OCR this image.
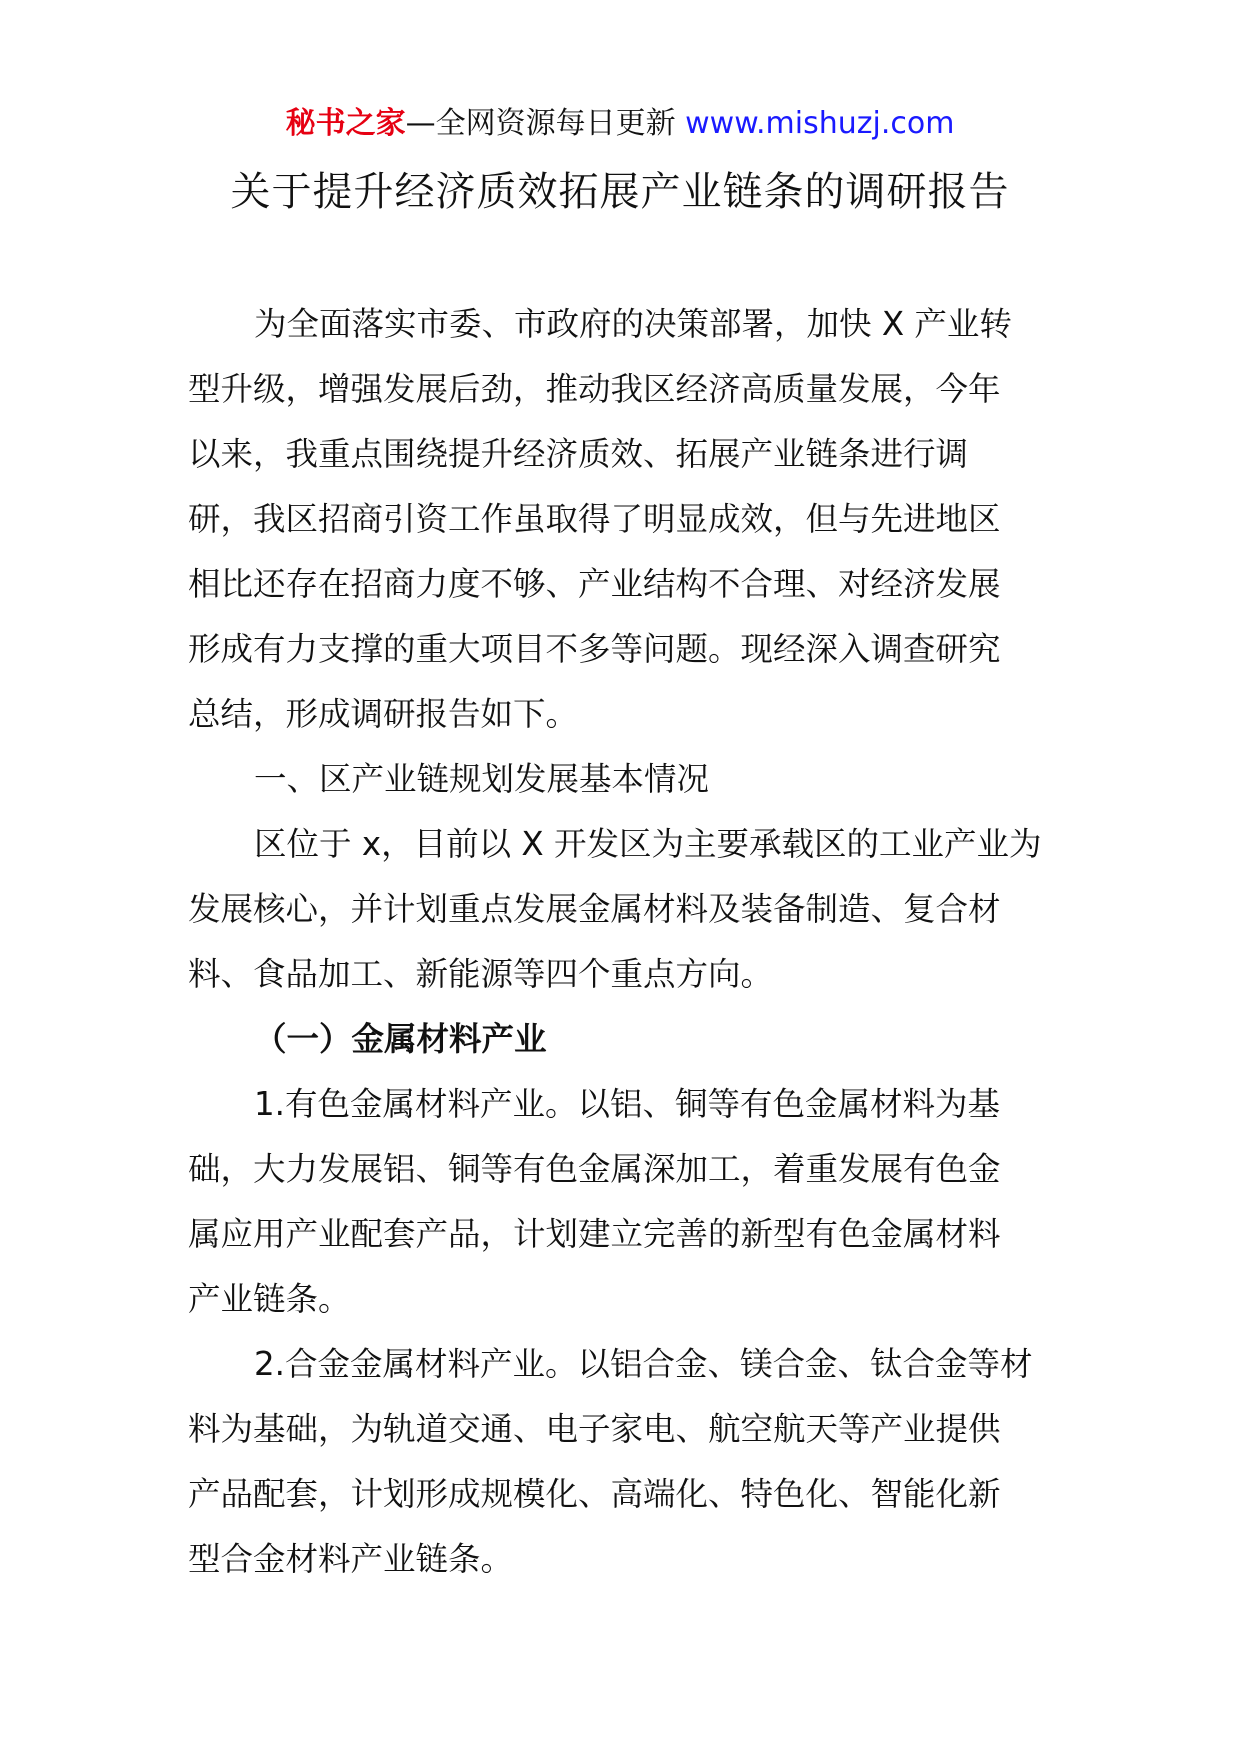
秘书之家—全网资源每日更新 www.mishuzj.com
关于提升经济质效拓展产业链条的调研报告
为全面落实市委、市政府的决策部署，加快 X 产业转
型升级，增强发展后劲，推动我区经济高质量发展，今年
以来，我重点围绕提升经济质效、拓展产业链条进行调
研，我区招商引资工作虽取得了明显成效，但与先进地区
相比还存在招商力度不够、产业结构不合理、对经济发展
形成有力支撑的重大项目不多等问题。现经深入调查研究
总结，形成调研报告如下。
一、区产业链规划发展基本情况
区位于 x，目前以 X 开发区为主要承载区的工业产业为
发展核心，并计划重点发展金属材料及装备制造、复合材
料、食品加工、新能源等四个重点方向。
（一）金属材料产业
1.有色金属材料产业。以铝、铜等有色金属材料为基
础，大力发展铝、铜等有色金属深加工，着重发展有色金
属应用产业配套产品，计划建立完善的新型有色金属材料
产业链条。
2.合金金属材料产业。以铝合金、镁合金、钛合金等材
料为基础，为轨道交通、电子家电、航空航天等产业提供
产品配套，计划形成规模化、高端化、特色化、智能化新
型合金材料产业链条。
